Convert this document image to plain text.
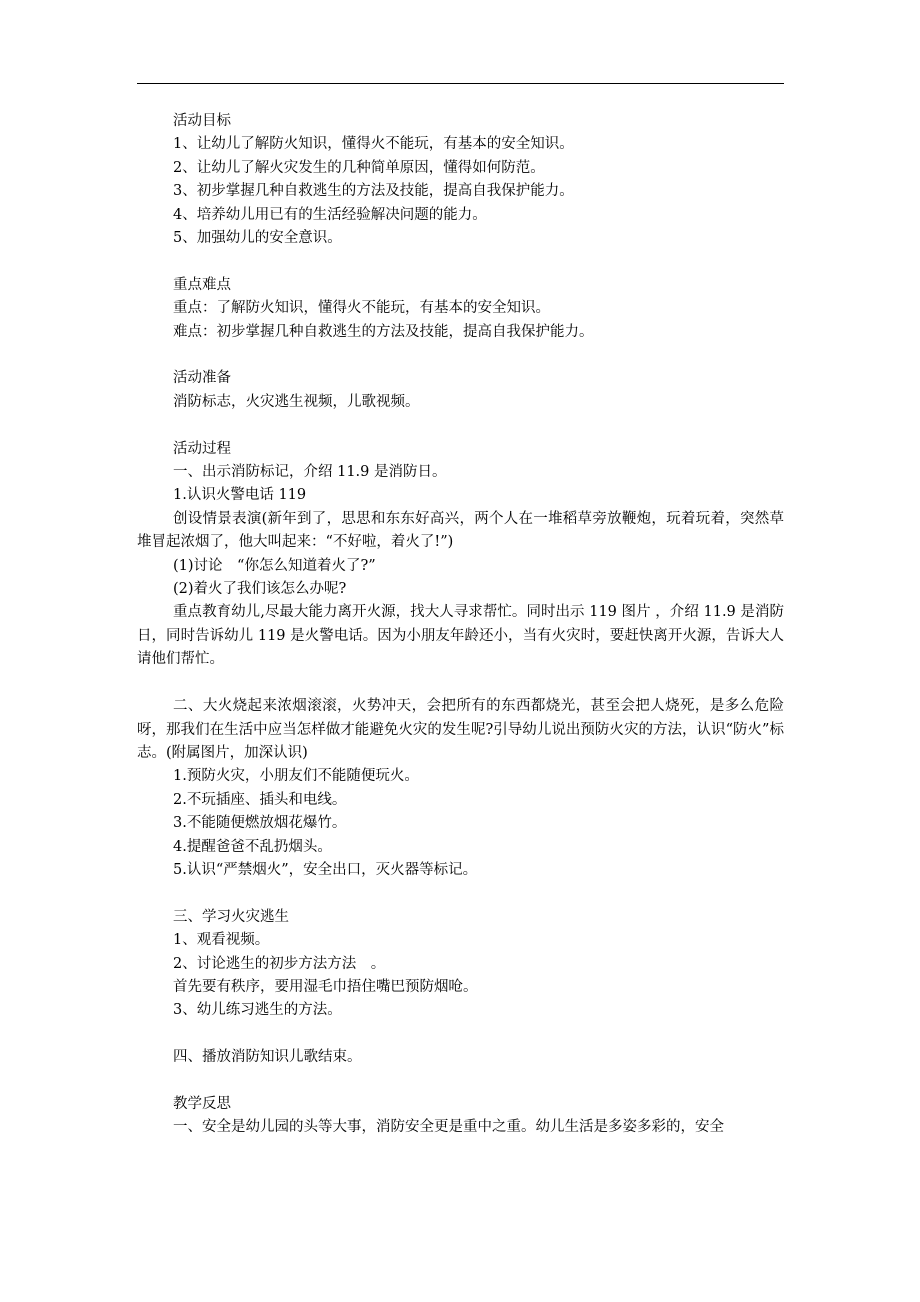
活动目标

1、让幼儿了解防火知识，懂得火不能玩，有基本的安全知识。

2、让幼儿了解火灾发生的几种简单原因，懂得如何防范。

3、初步掌握几种自救逃生的方法及技能，提高自我保护能力。

4、培养幼儿用已有的生活经验解决问题的能力。

5、加强幼儿的安全意识。

重点难点

重点：了解防火知识，懂得火不能玩，有基本的安全知识。

难点：初步掌握几种自救逃生的方法及技能，提高自我保护能力。

活动准备

消防标志，火灾逃生视频，儿歌视频。

活动过程

一、出示消防标记，介绍 11.9 是消防日。

1.认识火警电话 119

创设情景表演(新年到了，思思和东东好高兴，两个人在一堆稻草旁放鞭炮，玩着玩着，突然草堆冒起浓烟了，他大叫起来：“不好啦，着火了!”)

(1)讨论　“你怎么知道着火了?”

(2)着火了我们该怎么办呢?

重点教育幼儿,尽最大能力离开火源，找大人寻求帮忙。同时出示 119 图片 ，介绍 11.9 是消防日，同时告诉幼儿 119 是火警电话。因为小朋友年龄还小，当有火灾时，要赶快离开火源，告诉大人请他们帮忙。

二、大火烧起来浓烟滚滚，火势冲天，会把所有的东西都烧光，甚至会把人烧死，是多么危险呀，那我们在生活中应当怎样做才能避免火灾的发生呢?引导幼儿说出预防火灾的方法，认识“防火”标志。(附属图片，加深认识)

1.预防火灾，小朋友们不能随便玩火。

2.不玩插座、插头和电线。

3.不能随便燃放烟花爆竹。

4.提醒爸爸不乱扔烟头。

5.认识“严禁烟火”，安全出口，灭火器等标记。

三、学习火灾逃生

1、观看视频。

2、讨论逃生的初步方法方法　。

首先要有秩序，要用湿毛巾捂住嘴巴预防烟呛。

3、幼儿练习逃生的方法。

四、播放消防知识儿歌结束。

教学反思

一、安全是幼儿园的头等大事，消防安全更是重中之重。幼儿生活是多姿多彩的，安全
